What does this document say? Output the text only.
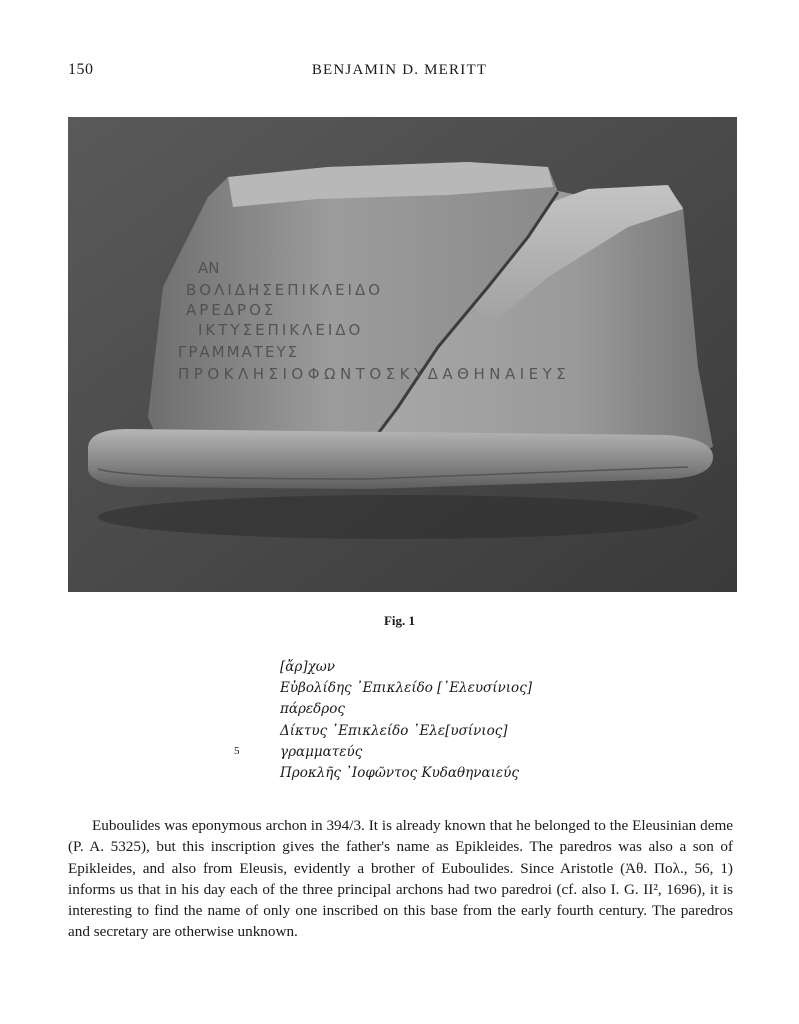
150	BENJAMIN D. MERITT
ΑΝ
ΒΟΛΙΔΗΣΕΠΙΚΛΕΙΔΟ
ΑΡΕΔΡΟΣ
ΙΚΤΥΣΕΠΙΚΛΕΙΔΟ
ΓΡΑΜΜΑΤΕΥΣ
ΠΡΟΚΛΗΣΙΟΦΩΝΤΟΣΚΥΔΑΘΗΝΑΙΕΥΣ
Fig. 1
[ἄρ]χων
Εὐβολίδης ᾿Επικλείδο [᾿Ελευσίνιος]
πάρεδρος
Δίκτυς ᾿Επικλείδο ᾿Ελε[υσίνιος]
γραμματεύς
Προκλῆς ᾿Ιοφῶντος Κυδαθηναιεύς
5
Euboulides was eponymous archon in 394/3. It is already known that he belonged to the Eleusinian deme (P. A. 5325), but this inscription gives the father's name as Epikleides. The paredros was also a son of Epikleides, and also from Eleusis, evidently a brother of Euboulides. Since Aristotle (Ἀθ. Πολ., 56, 1) informs us that in his day each of the three principal archons had two paredroi (cf. also I. G. II², 1696), it is interesting to find the name of only one inscribed on this base from the early fourth century. The paredros and secretary are otherwise unknown.
